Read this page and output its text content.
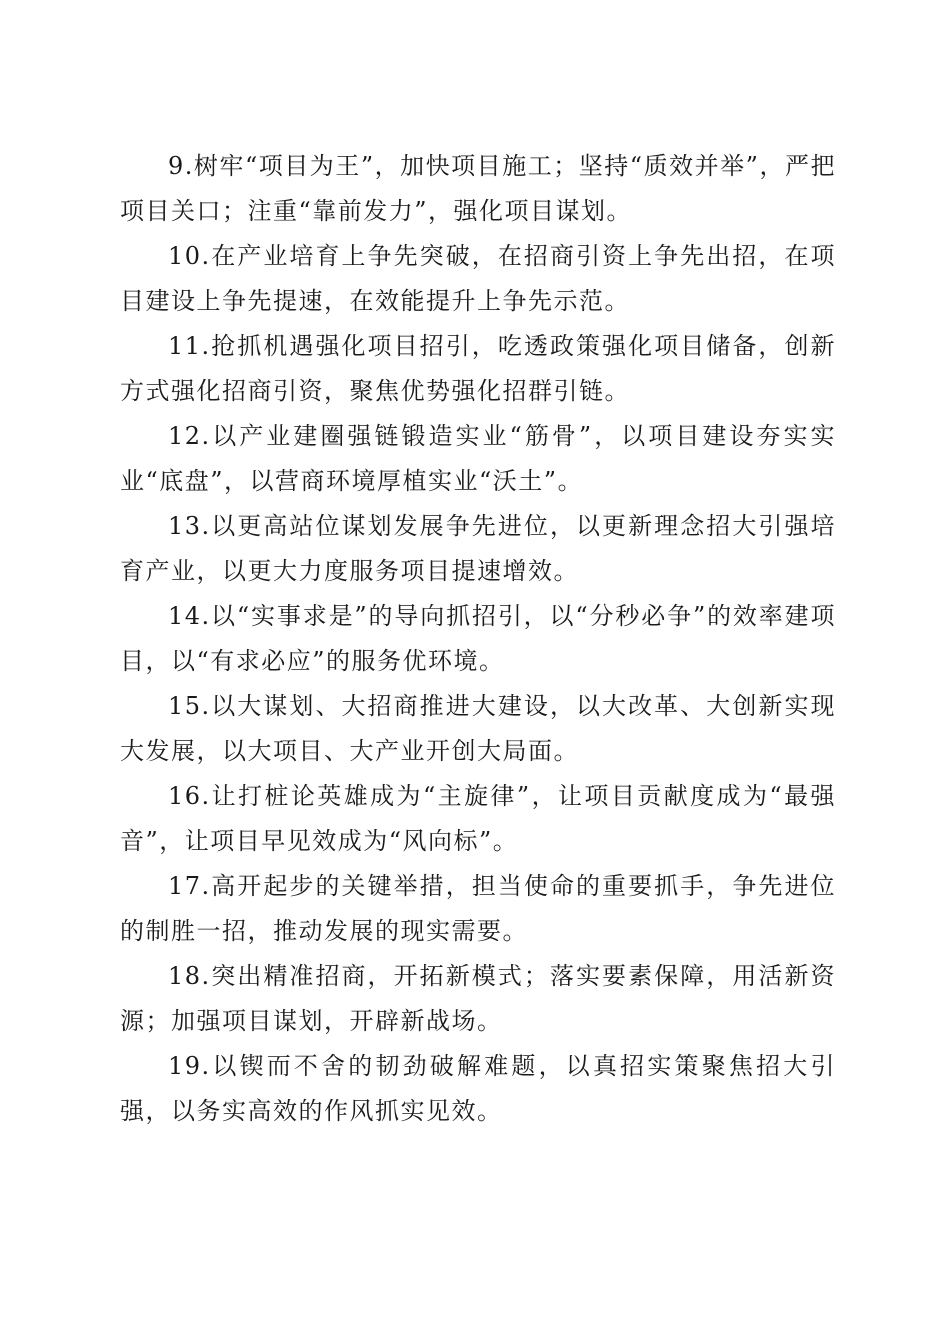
9.树牢“项目为王”，加快项目施工；坚持“质效并举”，严把项目关口；注重“靠前发力”，强化项目谋划。

10.在产业培育上争先突破，在招商引资上争先出招，在项目建设上争先提速，在效能提升上争先示范。

11.抢抓机遇强化项目招引，吃透政策强化项目储备，创新方式强化招商引资，聚焦优势强化招群引链。

12.以产业建圈强链锻造实业“筋骨”，以项目建设夯实实业“底盘”，以营商环境厚植实业“沃土”。

13.以更高站位谋划发展争先进位，以更新理念招大引强培育产业，以更大力度服务项目提速增效。

14.以“实事求是”的导向抓招引，以“分秒必争”的效率建项目，以“有求必应”的服务优环境。

15.以大谋划、大招商推进大建设，以大改革、大创新实现大发展，以大项目、大产业开创大局面。

16.让打桩论英雄成为“主旋律”，让项目贡献度成为“最强音”，让项目早见效成为“风向标”。

17.高开起步的关键举措，担当使命的重要抓手，争先进位的制胜一招，推动发展的现实需要。

18.突出精准招商，开拓新模式；落实要素保障，用活新资源；加强项目谋划，开辟新战场。

19.以锲而不舍的韧劲破解难题，以真招实策聚焦招大引强，以务实高效的作风抓实见效。
